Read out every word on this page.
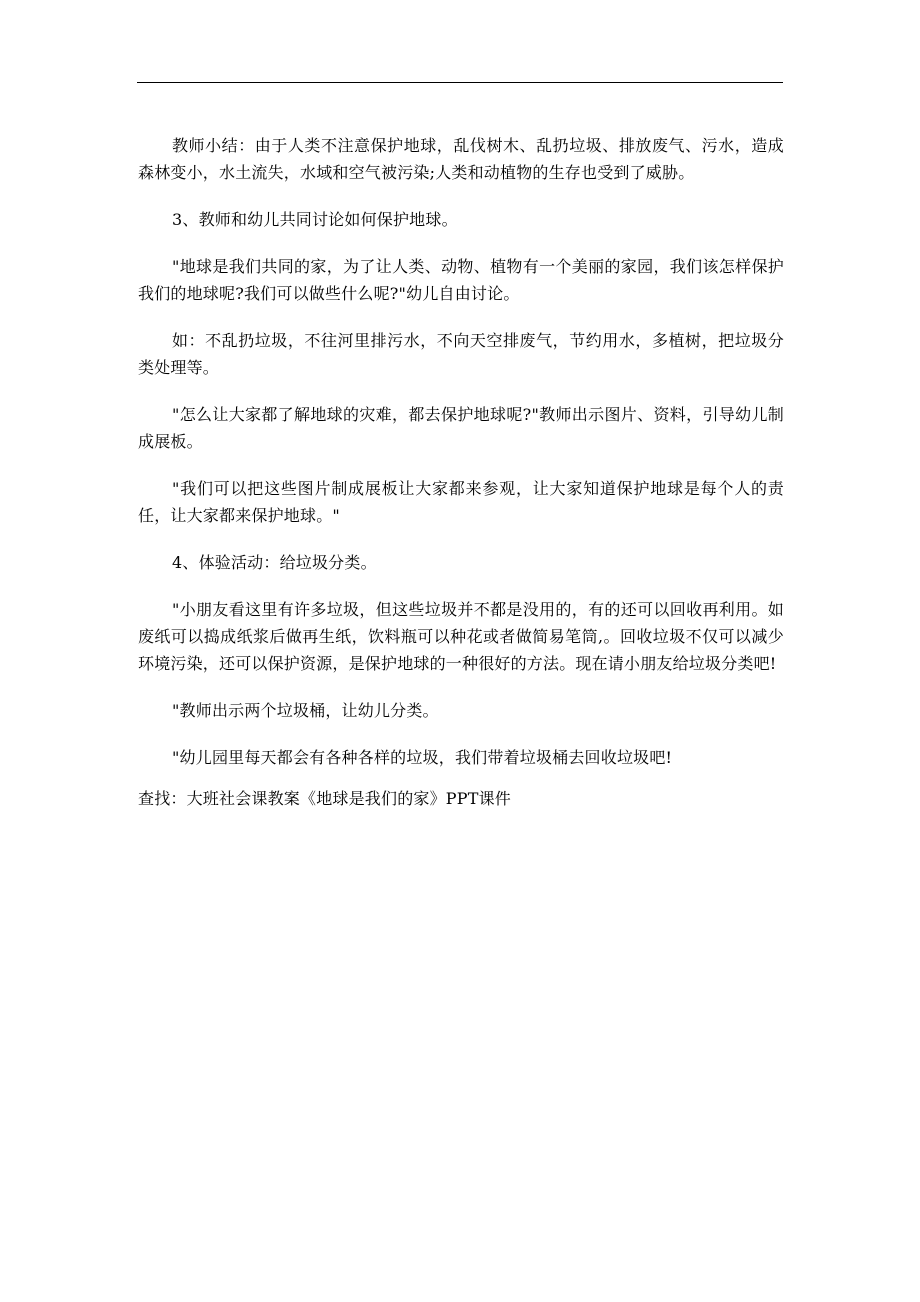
教师小结：由于人类不注意保护地球，乱伐树木、乱扔垃圾、排放废气、污水，造成森林变小，水土流失，水域和空气被污染;人类和动植物的生存也受到了威胁。

3、教师和幼儿共同讨论如何保护地球。

"地球是我们共同的家，为了让人类、动物、植物有一个美丽的家园，我们该怎样保护我们的地球呢?我们可以做些什么呢?"幼儿自由讨论。

如：不乱扔垃圾，不往河里排污水，不向天空排废气，节约用水，多植树，把垃圾分类处理等。

"怎么让大家都了解地球的灾难，都去保护地球呢?"教师出示图片、资料，引导幼儿制成展板。

"我们可以把这些图片制成展板让大家都来参观，让大家知道保护地球是每个人的责任，让大家都来保护地球。"

4、体验活动：给垃圾分类。

"小朋友看这里有许多垃圾，但这些垃圾并不都是没用的，有的还可以回收再利用。如废纸可以捣成纸浆后做再生纸，饮料瓶可以种花或者做简易笔筒,。回收垃圾不仅可以减少环境污染，还可以保护资源，是保护地球的一种很好的方法。现在请小朋友给垃圾分类吧!

"教师出示两个垃圾桶，让幼儿分类。

"幼儿园里每天都会有各种各样的垃圾，我们带着垃圾桶去回收垃圾吧!

查找：大班社会课教案《地球是我们的家》PPT课件
